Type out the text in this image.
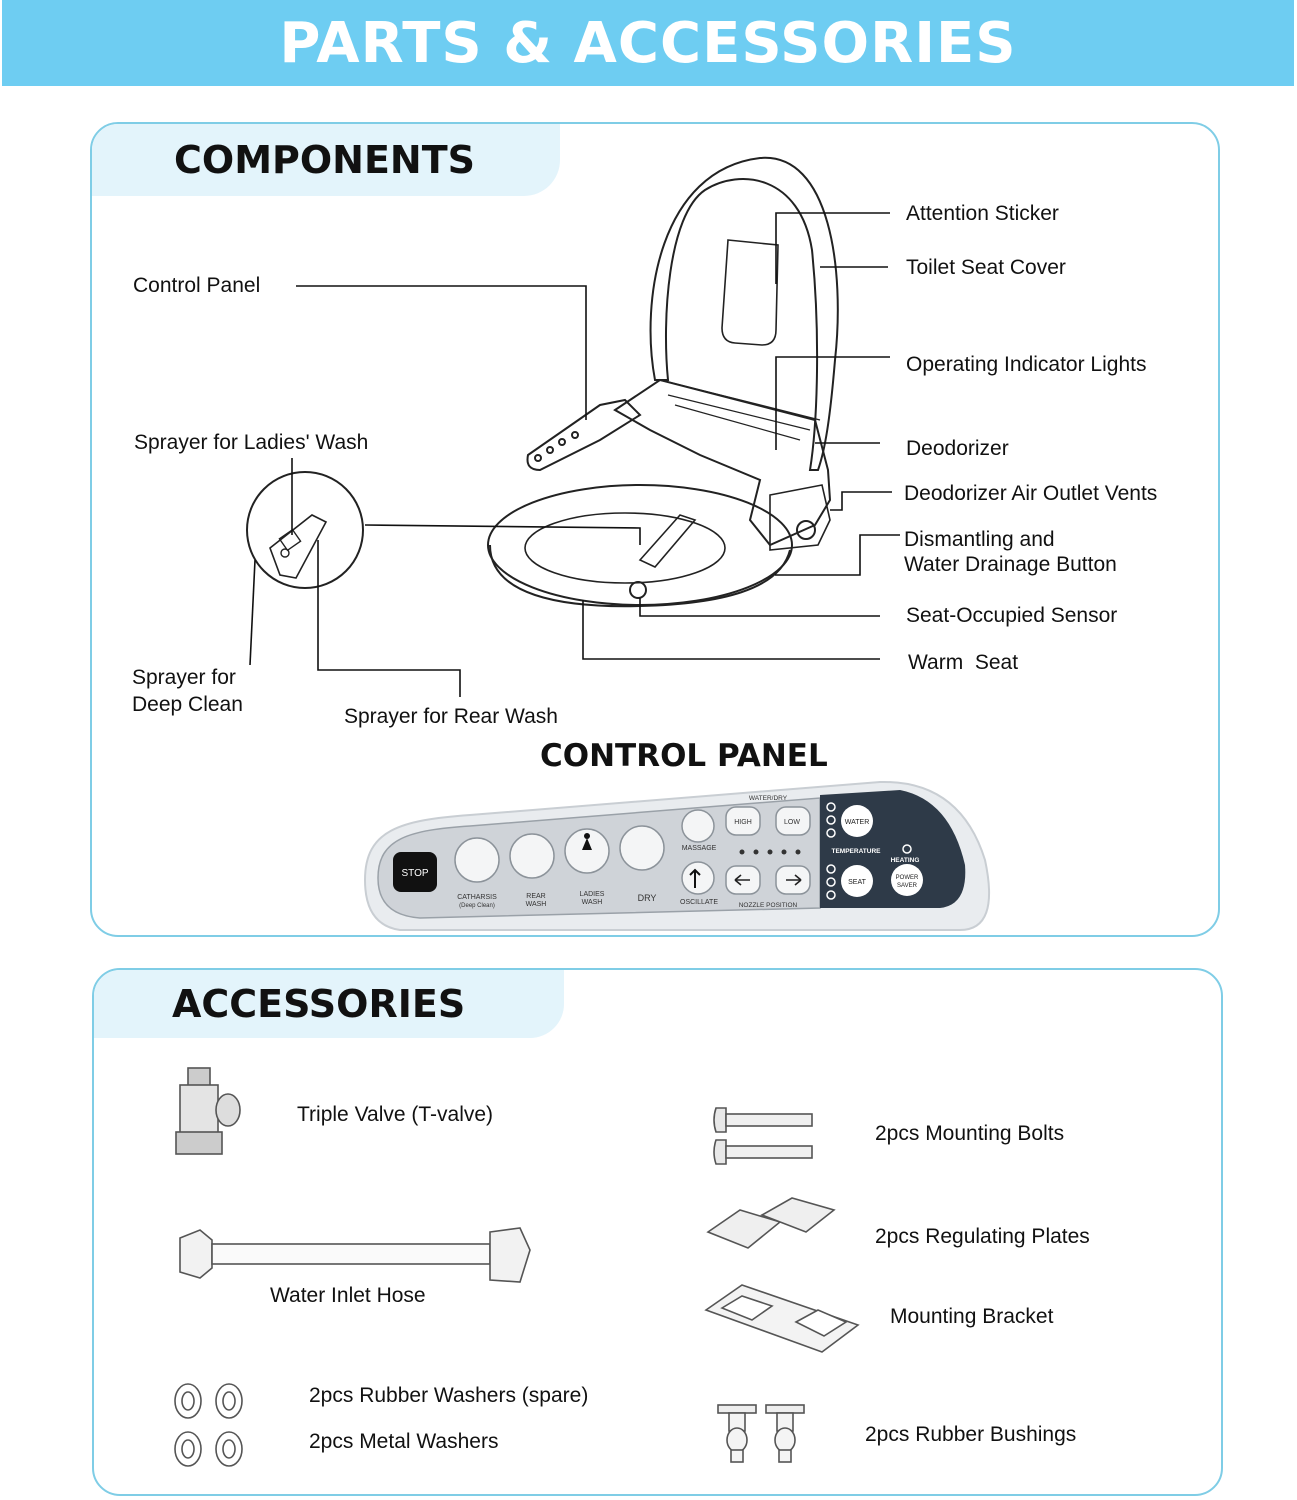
PARTS & ACCESSORIES
COMPONENTS
Attention Sticker
Toilet Seat Cover
Control Panel
Operating Indicator Lights
Sprayer for Ladies' Wash	Deodorizer
Deodorizer Air Outlet Vents
Dismantling and
Water Drainage Button
Seat-Occupied Sensor
Warm  Seat
Sprayer for
Deep Clean
Sprayer for Rear Wash
CONTROL PANEL
STOP
CATHARSIS
(Deep Clean)
REAR
WASH
LADIES
WASH	DRY
MASSAGE
OSCILLATE
WATER/DRY
HIGH	LOW
NOZZLE POSITION
WATER
TEMPERATURE
HEATING
SEAT
POWER
SAVER
ACCESSORIES
Triple Valve (T-valve)
Water Inlet Hose
2pcs Rubber Washers (spare)
2pcs Metal Washers
2pcs Mounting Bolts
2pcs Regulating Plates
Mounting Bracket
2pcs Rubber Bushings
